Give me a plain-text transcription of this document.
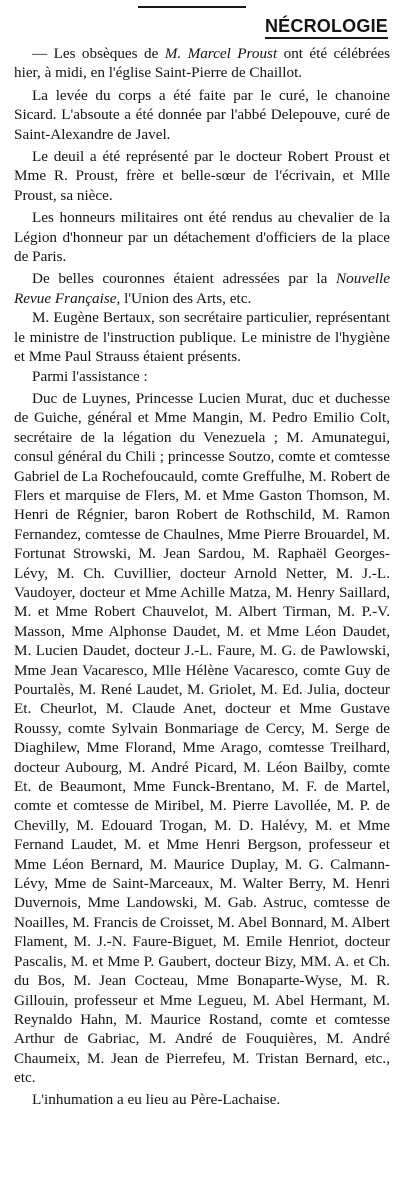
NÉCROLOGIE

— Les obsèques de M. Marcel Proust ont été célébrées hier, à midi, en l'église Saint-Pierre de Chaillot.

La levée du corps a été faite par le curé, le chanoine Sicard. L'absoute a été donnée par l'abbé Delepouve, curé de Saint-Alexandre de Javel.

Le deuil a été représenté par le docteur Robert Proust et Mme R. Proust, frère et belle-sœur de l'écrivain, et Mlle Proust, sa nièce.

Les honneurs militaires ont été rendus au chevalier de la Légion d'honneur par un détachement d'officiers de la place de Paris.

De belles couronnes étaient adressées par la Nouvelle Revue Française, l'Union des Arts, etc.

M. Eugène Bertaux, son secrétaire particulier, représentant le ministre de l'instruction publique. Le ministre de l'hygiène et Mme Paul Strauss étaient présents.

Parmi l'assistance :

Duc de Luynes, Princesse Lucien Murat, duc et duchesse de Guiche, général et Mme Mangin, M. Pedro Emilio Colt, secrétaire de la légation du Venezuela ; M. Amunategui, consul général du Chili ; princesse Soutzo, comte et comtesse Gabriel de La Rochefoucauld, comte Greffulhe, M. Robert de Flers et marquise de Flers, M. et Mme Gaston Thomson, M. Henri de Régnier, baron Robert de Rothschild, M. Ramon Fernandez, comtesse de Chaulnes, Mme Pierre Brouardel, M. Fortunat Strowski, M. Jean Sardou, M. Raphaël Georges-Lévy, M. Ch. Cuvillier, docteur Arnold Netter, M. J.-L. Vaudoyer, docteur et Mme Achille Matza, M. Henry Saillard, M. et Mme Robert Chauvelot, M. Albert Tirman, M. P.-V. Masson, Mme Alphonse Daudet, M. et Mme Léon Daudet, M. Lucien Daudet, docteur J.-L. Faure, M. G. de Pawlowski, Mme Jean Vacaresco, Mlle Hélène Vacaresco, comte Guy de Pourtalès, M. René Laudet, M. Griolet, M. Ed. Julia, docteur Et. Cheurlot, M. Claude Anet, docteur et Mme Gustave Roussy, comte Sylvain Bonmariage de Cercy, M. Serge de Diaghilew, Mme Florand, Mme Arago, comtesse Treilhard, docteur Aubourg, M. André Picard, M. Léon Bailby, comte Et. de Beaumont, Mme Funck-Brentano, M. F. de Martel, comte et comtesse de Miribel, M. Pierre Lavollée, M. P. de Chevilly, M. Edouard Trogan, M. D. Halévy, M. et Mme Fernand Laudet, M. et Mme Henri Bergson, professeur et Mme Léon Bernard, M. Maurice Duplay, M. G. Calmann-Lévy, Mme de Saint-Marceaux, M. Walter Berry, M. Henri Duvernois, Mme Landowski, M. Gab. Astruc, comtesse de Noailles, M. Francis de Croisset, M. Abel Bonnard, M. Albert Flament, M. J.-N. Faure-Biguet, M. Emile Henriot, docteur Pascalis, M. et Mme P. Gaubert, docteur Bizy, MM. A. et Ch. du Bos, M. Jean Cocteau, Mme Bonaparte-Wyse, M. R. Gillouin, professeur et Mme Legueu, M. Abel Hermant, M. Reynaldo Hahn, M. Maurice Rostand, comte et comtesse Arthur de Gabriac, M. André de Fouquières, M. André Chaumeix, M. Jean de Pierrefeu, M. Tristan Bernard, etc., etc.

L'inhumation a eu lieu au Père-Lachaise.
